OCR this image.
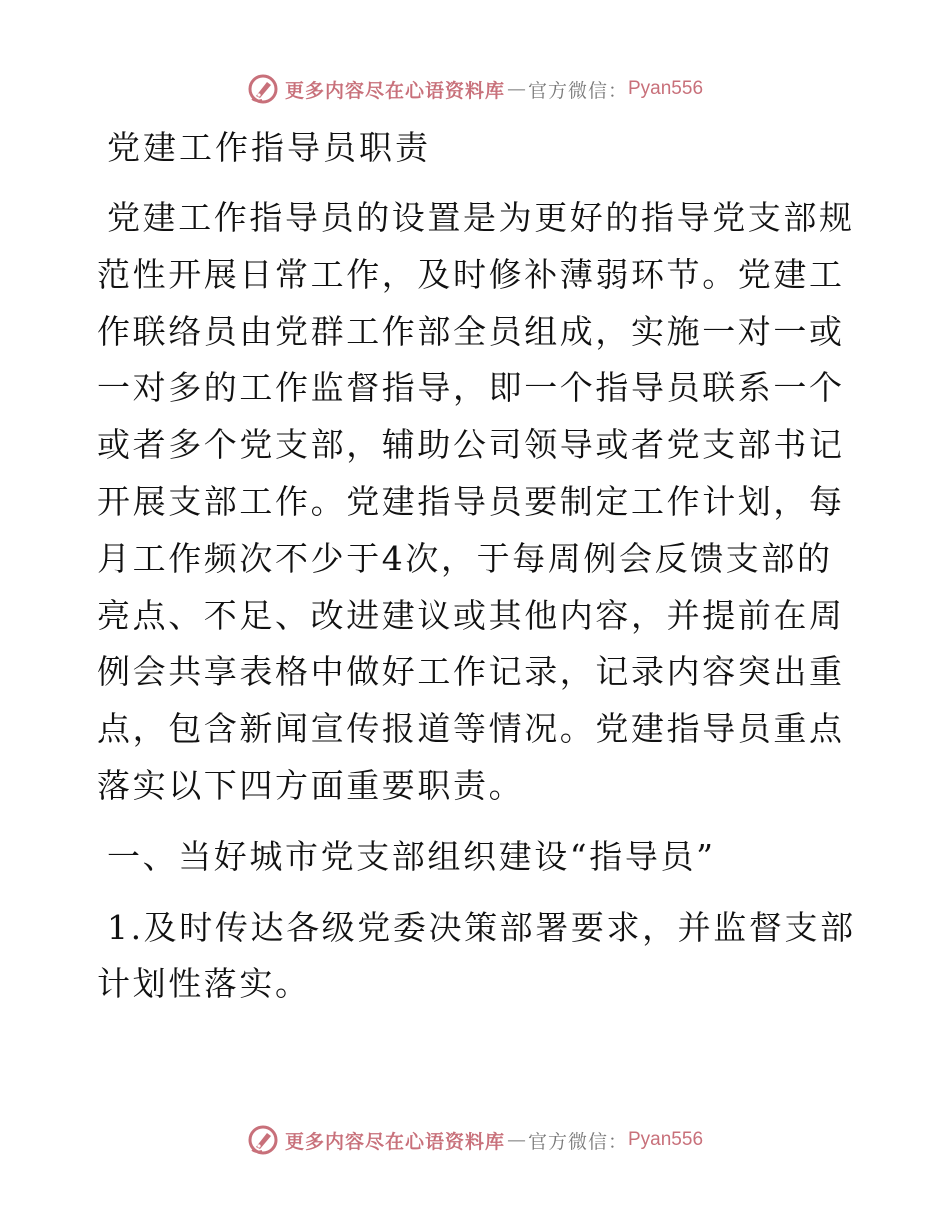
更多内容尽在心语资料库 — 官方微信： Pyan556
党建工作指导员职责

党建工作指导员的设置是为更好的指导党支部规范性开展日常工作，及时修补薄弱环节。党建工作联络员由党群工作部全员组成，实施一对一或一对多的工作监督指导，即一个指导员联系一个或者多个党支部，辅助公司领导或者党支部书记开展支部工作。党建指导员要制定工作计划，每月工作频次不少于4次，于每周例会反馈支部的亮点、不足、改进建议或其他内容，并提前在周例会共享表格中做好工作记录，记录内容突出重点，包含新闻宣传报道等情况。党建指导员重点落实以下四方面重要职责。

一、当好城市党支部组织建设“指导员”

1.及时传达各级党委决策部署要求，并监督支部计划性落实。

更多内容尽在心语资料库 — 官方微信： Pyan556
